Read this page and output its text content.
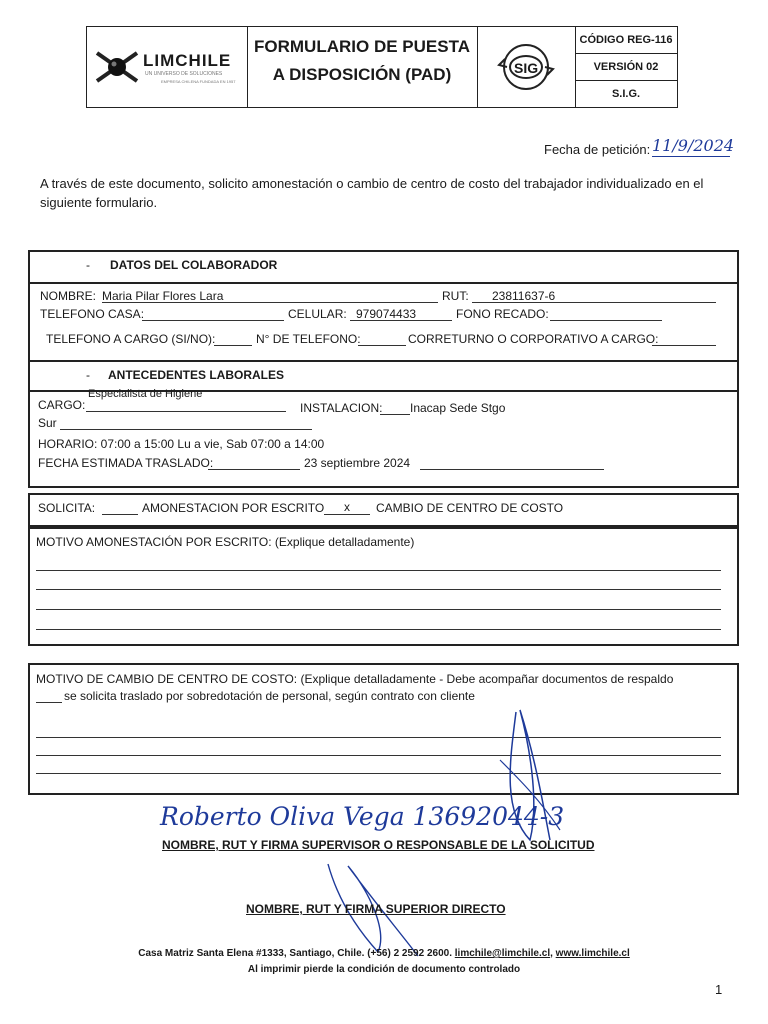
LIMCHILE
UN UNIVERSO DE SOLUCIONES
EMPRESA CHILENA FUNDADA EN 1957
FORMULARIO DE PUESTA
A DISPOSICIÓN (PAD)	SIG
CÓDIGO REG-116
VERSIÓN 02
S.I.G.
Fecha de petición: 11/9/2024
A través de este documento, solicito amonestación o cambio de centro de costo del trabajador individualizado en el siguiente formulario.
- DATOS DEL COLABORADOR
NOMBRE: Maria Pilar Flores Lara	RUT: 23811637-6
TELEFONO CASA:	CELULAR: 979074433	FONO RECADO:
TELEFONO A CARGO (SI/NO):	N° DE TELEFONO:	CORRETURNO O CORPORATIVO A CARGO:
- ANTECEDENTES LABORALES
Especialista de Higiene
CARGO:	INSTALACION: Inacap Sede Stgo
Sur
HORARIO: 07:00 a 15:00 Lu a vie, Sab 07:00 a 14:00
FECHA ESTIMADA TRASLADO:	23 septiembre 2024
SOLICITA:	AMONESTACION POR ESCRITO x CAMBIO DE CENTRO DE COSTO
MOTIVO AMONESTACIÓN POR ESCRITO: (Explique detalladamente)
MOTIVO DE CAMBIO DE CENTRO DE COSTO: (Explique detalladamente - Debe acompañar documentos de respaldo
se solicita traslado por sobredotación de personal, según contrato con cliente
Roberto Oliva Vega 13692044-3
NOMBRE, RUT Y FIRMA SUPERVISOR O RESPONSABLE DE LA SOLICITUD
NOMBRE, RUT Y FIRMA SUPERIOR DIRECTO
Casa Matriz Santa Elena #1333, Santiago, Chile. (+56) 2 2592 2600. limchile@limchile.cl, www.limchile.cl
Al imprimir pierde la condición de documento controlado
1
